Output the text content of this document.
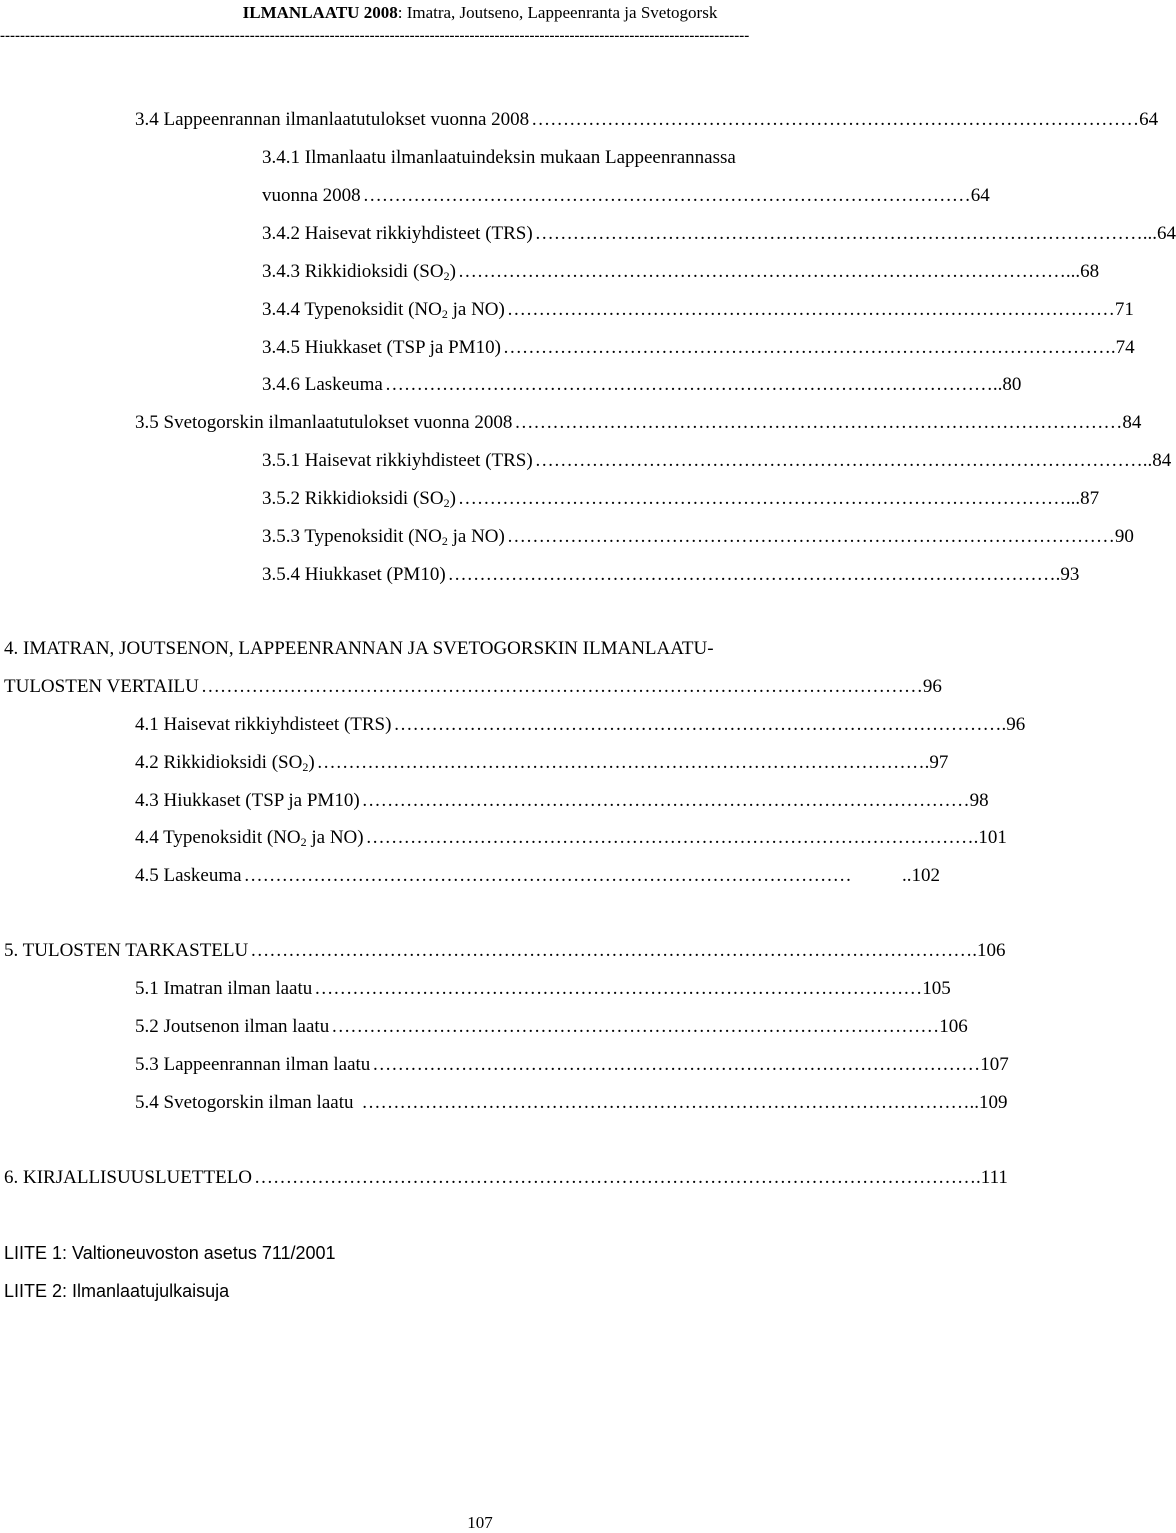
ILMANLAATU 2008: Imatra, Joutseno, Lappeenranta ja Svetogorsk
------------------------------------------------------------------------------------------------------------------------------------------------------
3.4 Lappeenrannan ilmanlaatutulokset vuonna 2008 …………………………………………………………………………………… 64
3.4.1 Ilmanlaatu ilmanlaatuindeksin mukaan Lappeenrannassa
vuonna 2008 …………………………………………………………………………………… 64
3.4.2 Haisevat rikkiyhdisteet (TRS) …………………………………………………………………………………… ...64
3.4.3 Rikkidioksidi $(SO_2)$ …………………………………………………………………………………… ...68
3.4.4 Typenoksidit ($NO_2$ ja NO) …………………………………………………………………………………… 71
3.4.5 Hiukkaset (TSP ja PM10) …………………………………………………………………………………… .74
3.4.6 Laskeuma …………………………………………………………………………………… ..80
3.5 Svetogorskin ilmanlaatutulokset vuonna 2008 …………………………………………………………………………………… 84
3.5.1 Haisevat rikkiyhdisteet (TRS) …………………………………………………………………………………… ..84
3.5.2 Rikkidioksidi $(SO_2)$ …………………………………………………………………………………… ...87
3.5.3 Typenoksidit ($NO_2$ ja NO) …………………………………………………………………………………… 90
3.5.4 Hiukkaset (PM10) …………………………………………………………………………………… .93
4. IMATRAN, JOUTSENON, LAPPEENRANNAN JA SVETOGORSKIN ILMANLAATU-
TULOSTEN VERTAILU …………………………………………………………………………………………………… 96
4.1 Haisevat rikkiyhdisteet (TRS) …………………………………………………………………………………… .96
4.2 Rikkidioksidi $(SO_2)$ …………………………………………………………………………………… .97
4.3 Hiukkaset (TSP ja PM10) …………………………………………………………………………………… 98
4.4 Typenoksidit ($NO_2$ ja NO) …………………………………………………………………………………… .101
4.5 Laskeuma ……………………………………………………………………………………	..102
5. TULOSTEN TARKASTELU …………………………………………………………………………………………………… .106
5.1 Imatran ilman laatu …………………………………………………………………………………… 105
5.2 Joutsenon ilman laatu …………………………………………………………………………………… 106
5.3 Lappeenrannan ilman laatu …………………………………………………………………………………… 107
5.4 Svetogorskin ilman laatu …………………………………………………………………………………… ..109
6. KIRJALLISUUSLUETTELO …………………………………………………………………………………………………… .111
LIITE 1: Valtioneuvoston asetus 711/2001
LIITE 2: Ilmanlaatujulkaisuja
107
